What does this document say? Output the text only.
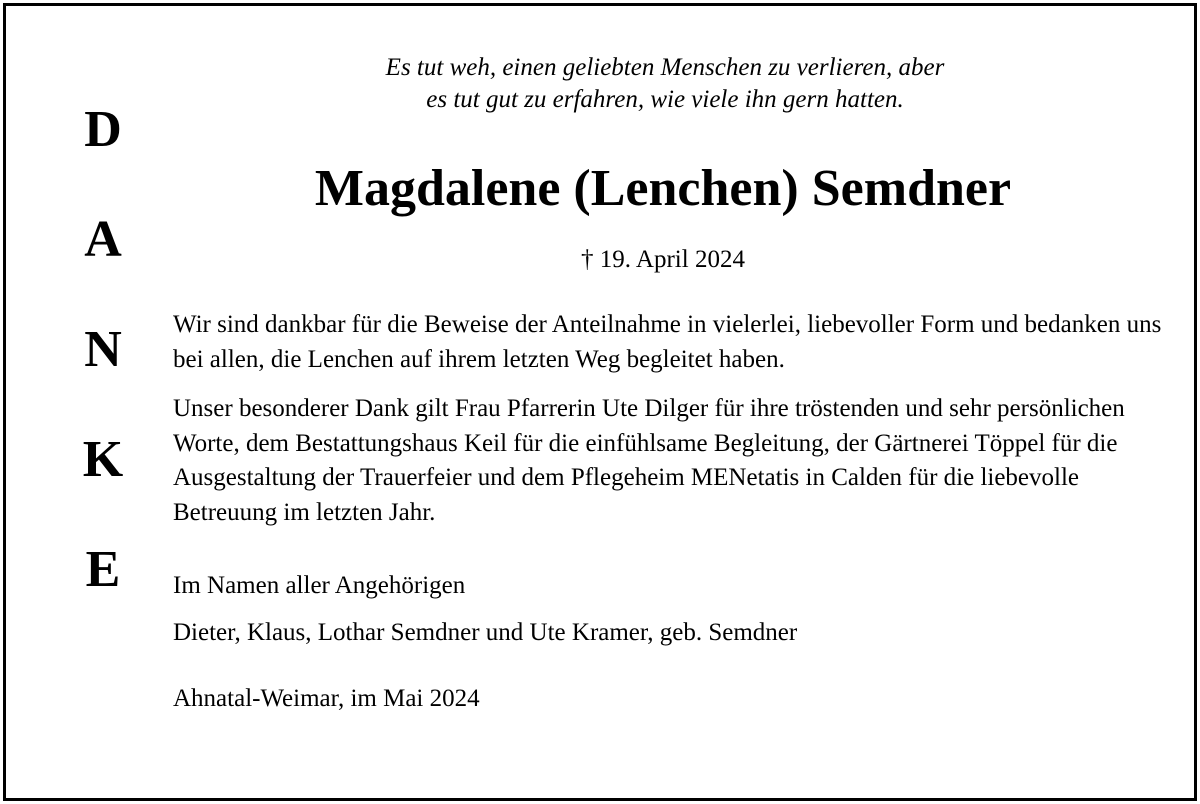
D
A
N
K
E
Es tut weh, einen geliebten Menschen zu verlieren, aber
es tut gut zu erfahren, wie viele ihn gern hatten.
Magdalene (Lenchen) Semdner
† 19. April 2024
Wir sind dankbar für die Beweise der Anteilnahme in vielerlei, liebevoller Form und bedanken uns bei allen, die Lenchen auf ihrem letzten Weg begleitet haben.
Unser besonderer Dank gilt Frau Pfarrerin Ute Dilger für ihre tröstenden und sehr persönlichen Worte, dem Bestattungshaus Keil für die einfühlsame Begleitung, der Gärtnerei Töppel für die Ausgestaltung der Trauerfeier und dem Pflegeheim MENetatis in Calden für die liebevolle Betreuung im letzten Jahr.
Im Namen aller Angehörigen
Dieter, Klaus, Lothar Semdner und Ute Kramer, geb. Semdner
Ahnatal-Weimar, im Mai 2024
